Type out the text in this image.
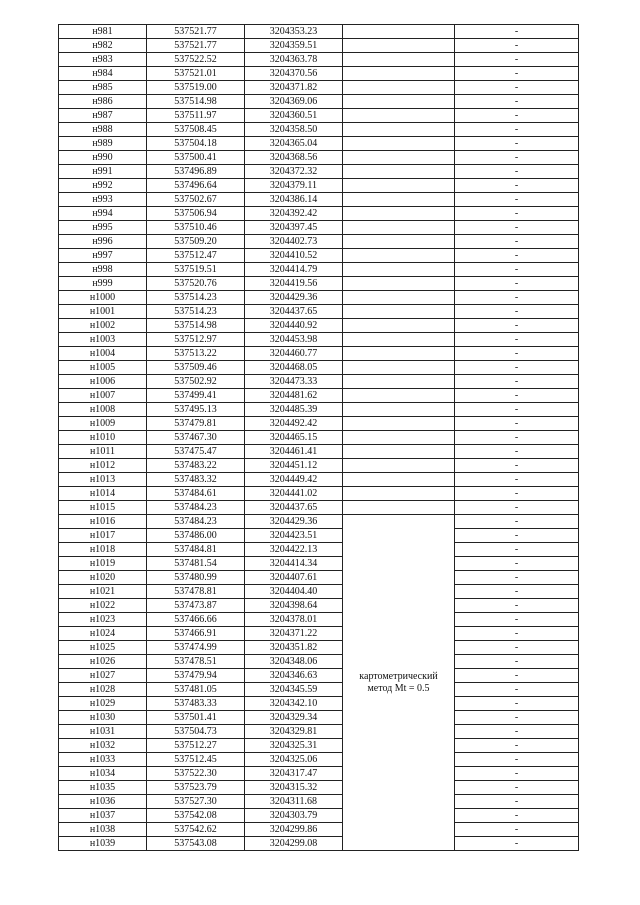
н981	537521.77	3204353.23		-
н982	537521.77	3204359.51		-
н983	537522.52	3204363.78		-
н984	537521.01	3204370.56		-
н985	537519.00	3204371.82		-
н986	537514.98	3204369.06		-
н987	537511.97	3204360.51		-
н988	537508.45	3204358.50		-
н989	537504.18	3204365.04		-
н990	537500.41	3204368.56		-
н991	537496.89	3204372.32		-
н992	537496.64	3204379.11		-
н993	537502.67	3204386.14		-
н994	537506.94	3204392.42		-
н995	537510.46	3204397.45		-
н996	537509.20	3204402.73		-
н997	537512.47	3204410.52		-
н998	537519.51	3204414.79		-
н999	537520.76	3204419.56		-
н1000	537514.23	3204429.36		-
н1001	537514.23	3204437.65		-
н1002	537514.98	3204440.92		-
н1003	537512.97	3204453.98		-
н1004	537513.22	3204460.77		-
н1005	537509.46	3204468.05		-
н1006	537502.92	3204473.33		-
н1007	537499.41	3204481.62		-
н1008	537495.13	3204485.39		-
н1009	537479.81	3204492.42		-
н1010	537467.30	3204465.15		-
н1011	537475.47	3204461.41		-
н1012	537483.22	3204451.12		-
н1013	537483.32	3204449.42		-
н1014	537484.61	3204441.02		-
н1015	537484.23	3204437.65		-
н1016	537484.23	3204429.36	картометрический метод Mt = 0.5	-
н1017	537486.00	3204423.51		-
н1018	537484.81	3204422.13		-
н1019	537481.54	3204414.34		-
н1020	537480.99	3204407.61		-
н1021	537478.81	3204404.40		-
н1022	537473.87	3204398.64		-
н1023	537466.66	3204378.01		-
н1024	537466.91	3204371.22		-
н1025	537474.99	3204351.82		-
н1026	537478.51	3204348.06		-
н1027	537479.94	3204346.63		-
н1028	537481.05	3204345.59		-
н1029	537483.33	3204342.10		-
н1030	537501.41	3204329.34		-
н1031	537504.73	3204329.81		-
н1032	537512.27	3204325.31		-
н1033	537512.45	3204325.06		-
н1034	537522.30	3204317.47		-
н1035	537523.79	3204315.32		-
н1036	537527.30	3204311.68		-
н1037	537542.08	3204303.79		-
н1038	537542.62	3204299.86		-
н1039	537543.08	3204299.08		-
